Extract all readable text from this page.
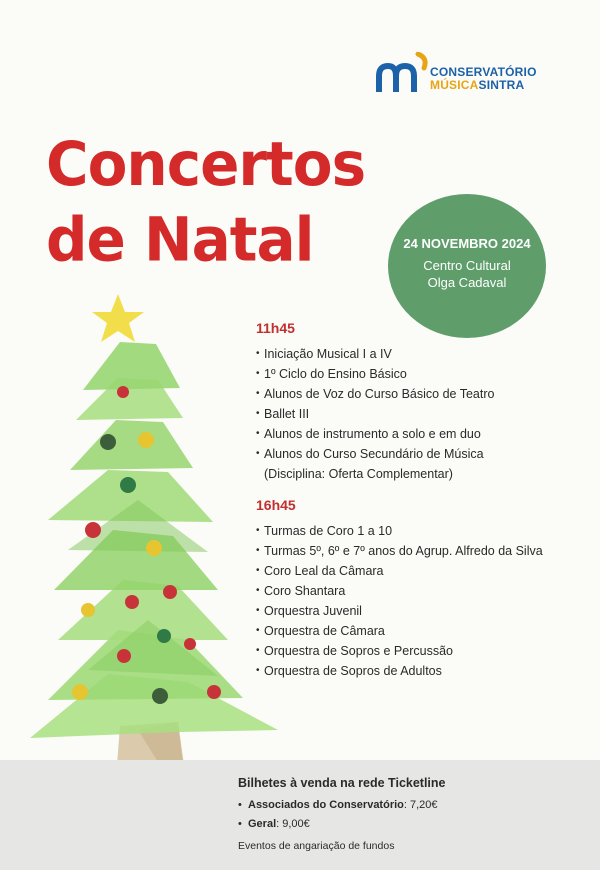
CONSERVATÓRIO
MÚSICASINTRA
Concertos
de Natal	24 NOVEMBRO 2024
Centro Cultural
Olga Cadaval

11h45

• Iniciação Musical I a IV
• 1º Ciclo do Ensino Básico
• Alunos de Voz do Curso Básico de Teatro
• Ballet III
• Alunos de instrumento a solo e em duo
• Alunos do Curso Secundário de Música
(Disciplina: Oferta Complementar)

16h45

• Turmas de Coro 1 a 10
• Turmas 5º, 6º e 7º anos do Agrup. Alfredo da Silva
• Coro Leal da Câmara
• Coro Shantara
• Orquestra Juvenil
• Orquestra de Câmara
• Orquestra de Sopros e Percussão
• Orquestra de Sopros de Adultos
Bilhetes à venda na rede Ticketline
• Associados do Conservatório: 7,20€
• Geral: 9,00€
Eventos de angariação de fundos
